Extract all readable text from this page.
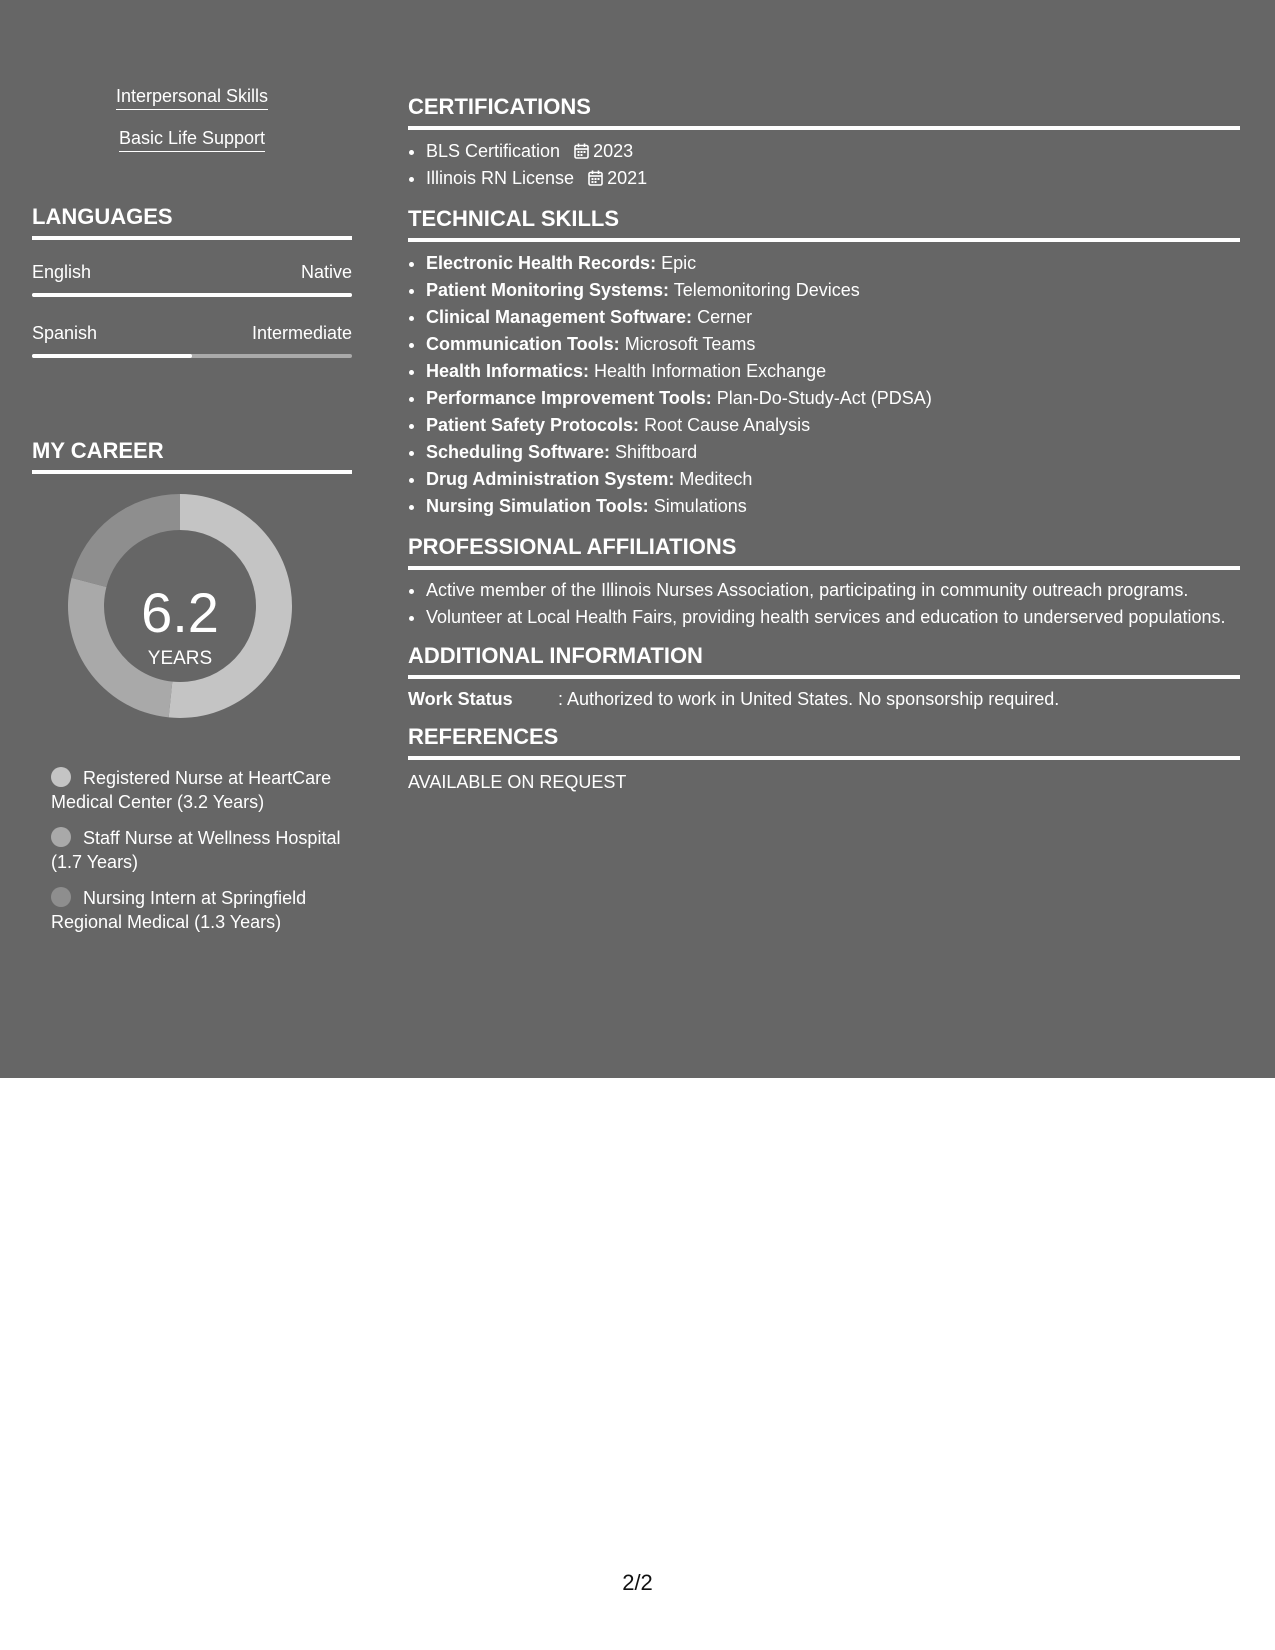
Interpersonal Skills
Basic Life Support
LANGUAGES
English	Native
Spanish	Intermediate
MY CAREER
6.2
YEARS
Registered Nurse at HeartCare Medical Center (3.2 Years)
Staff Nurse at Wellness Hospital (1.7 Years)
Nursing Intern at Springfield Regional Medical (1.3 Years)
CERTIFICATIONS
• BLS Certification 2023
• Illinois RN License 2021
TECHNICAL SKILLS
• Electronic Health Records: Epic
• Patient Monitoring Systems: Telemonitoring Devices
• Clinical Management Software: Cerner
• Communication Tools: Microsoft Teams
• Health Informatics: Health Information Exchange
• Performance Improvement Tools: Plan-Do-Study-Act (PDSA)
• Patient Safety Protocols: Root Cause Analysis
• Scheduling Software: Shiftboard
• Drug Administration System: Meditech
• Nursing Simulation Tools: Simulations
PROFESSIONAL AFFILIATIONS
• Active member of the Illinois Nurses Association, participating in community outreach programs.
• Volunteer at Local Health Fairs, providing health services and education to underserved populations.
ADDITIONAL INFORMATION
Work Status	: Authorized to work in United States. No sponsorship required.
REFERENCES
AVAILABLE ON REQUEST
2/2
